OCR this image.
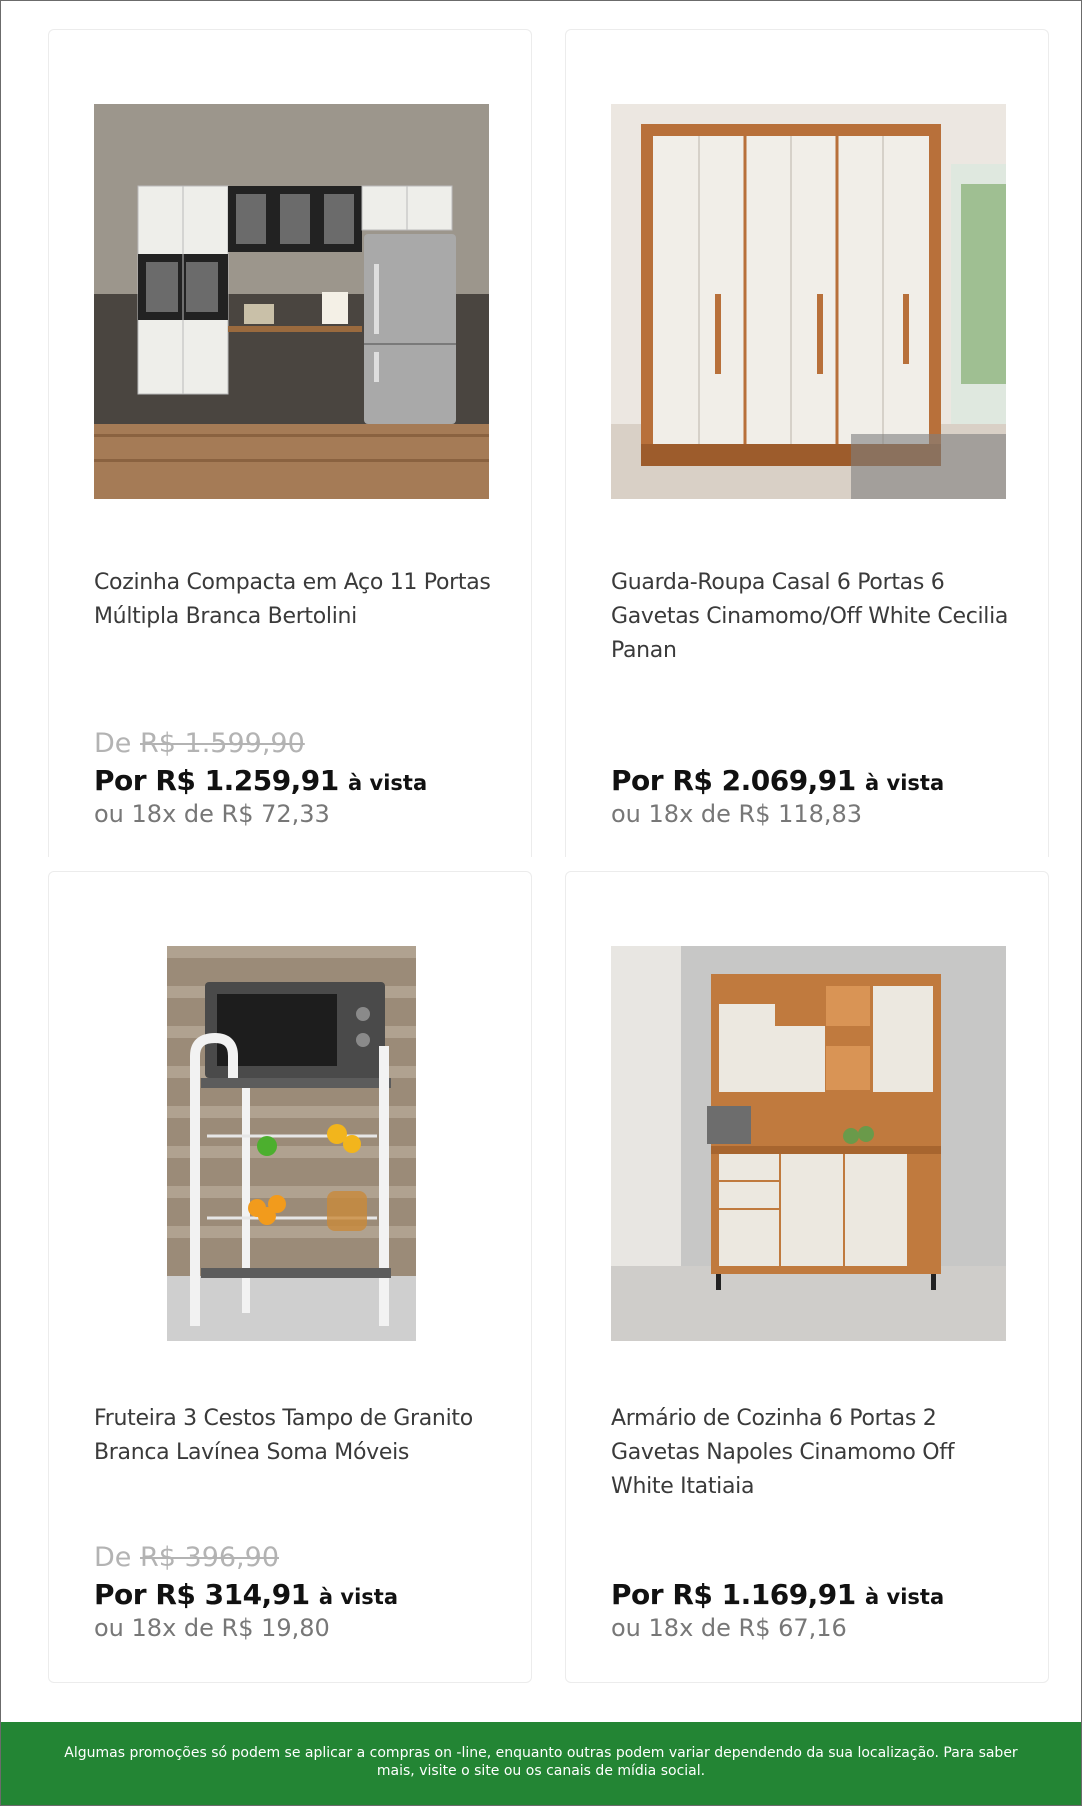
Cozinha Compacta em Aço 11 Portas Múltipla Branca Bertolini
De R$ 1.599,90
Por R$ 1.259,91 à vista
ou 18x de R$ 72,33
Guarda-Roupa Casal 6 Portas 6 Gavetas Cinamomo/Off White Cecilia Panan
Por R$ 2.069,91 à vista
ou 18x de R$ 118,83
Fruteira 3 Cestos Tampo de Granito Branca Lavínea Soma Móveis
De R$ 396,90
Por R$ 314,91 à vista
ou 18x de R$ 19,80
Armário de Cozinha 6 Portas 2 Gavetas Napoles Cinamomo Off White Itatiaia
Por R$ 1.169,91 à vista
ou 18x de R$ 67,16
Algumas promoções só podem se aplicar a compras on -line, enquanto outras podem variar dependendo da sua localização. Para saber mais, visite o site ou os canais de mídia social.
